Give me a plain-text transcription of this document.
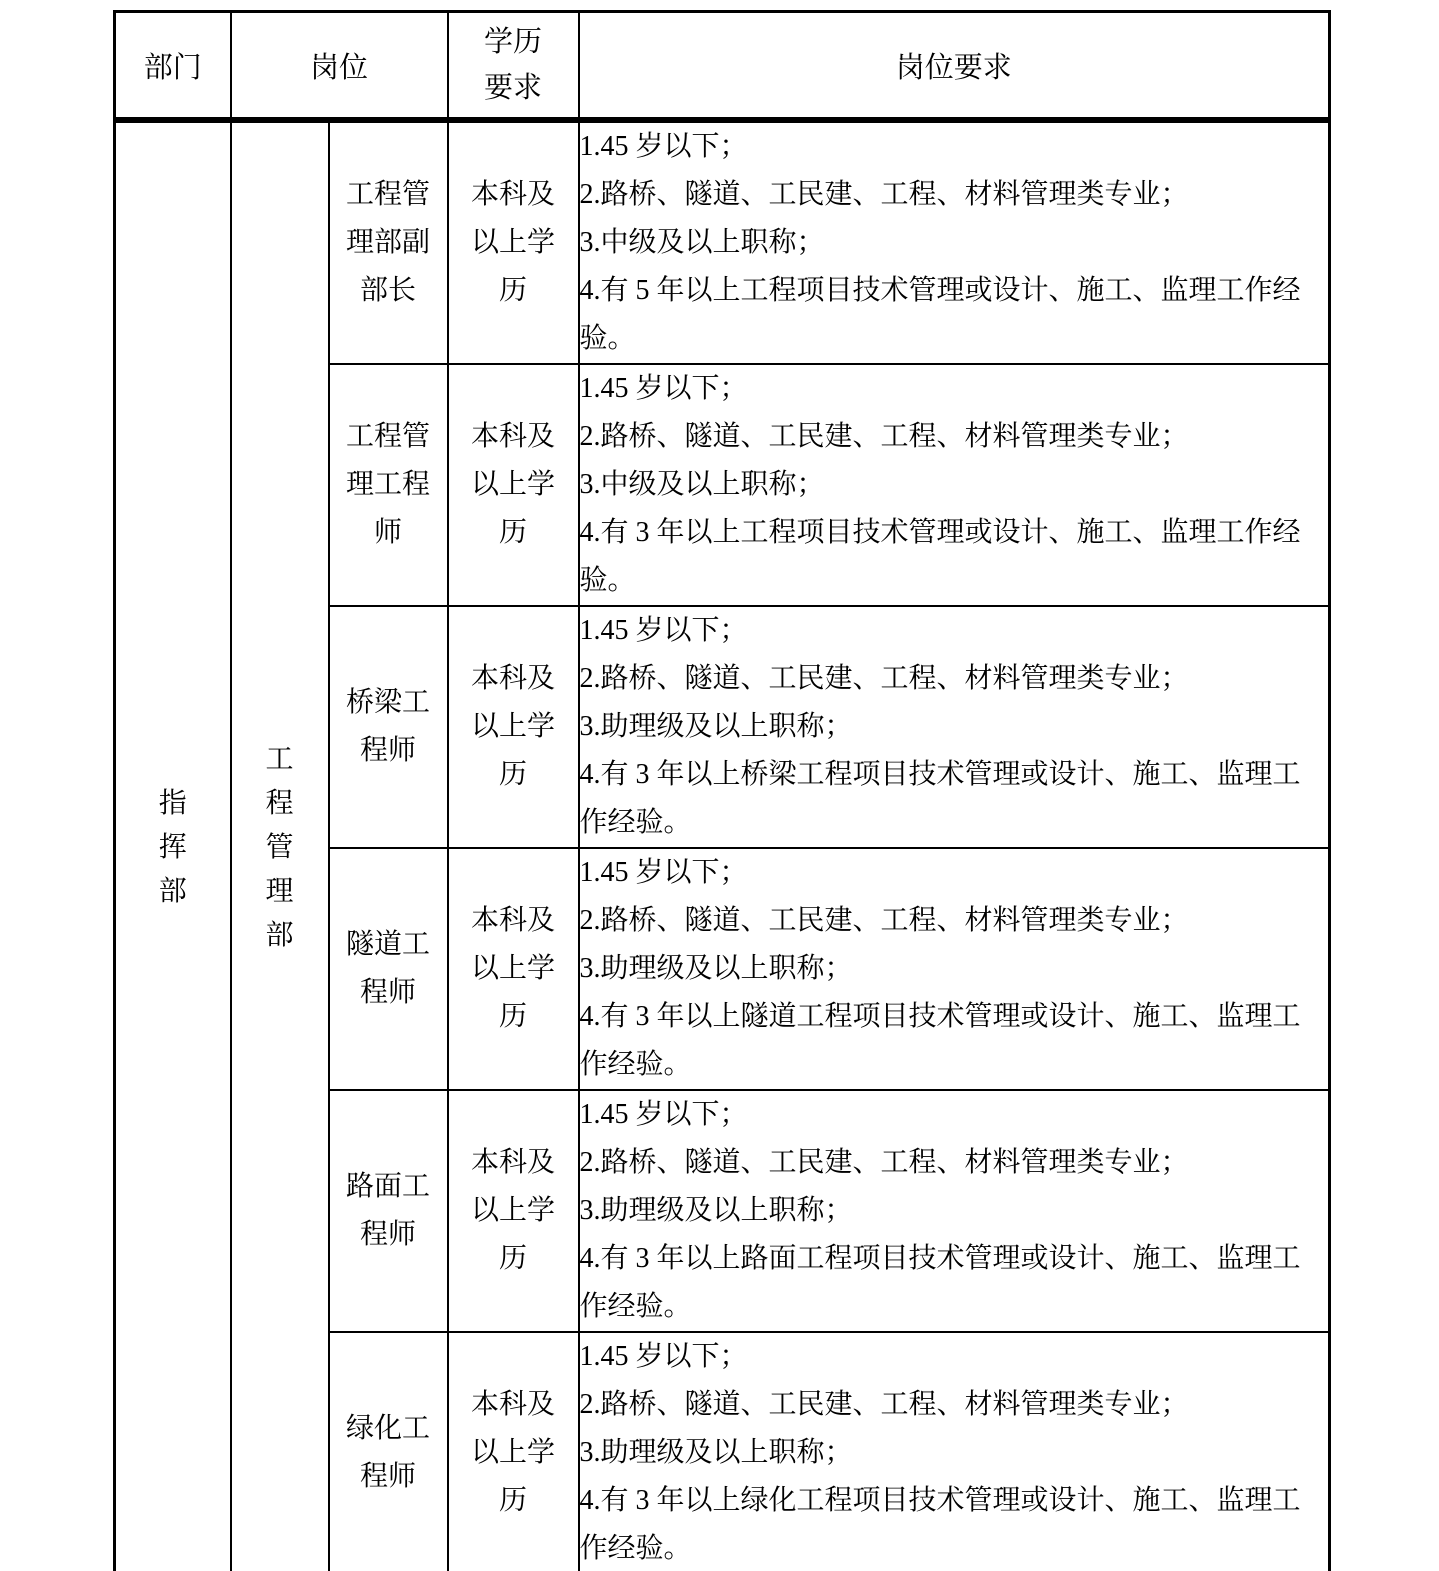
部门	岗位		学历要求	岗位要求

指挥部	工程管理部	工程管理部副部长	本科及以上学历	1.45 岁以下；
2.路桥、隧道、工民建、工程、材料管理类专业；
3.中级及以上职称；
4.有 5 年以上工程项目技术管理或设计、施工、监理工作经验。

		工程管理工程师	本科及以上学历	1.45 岁以下；
2.路桥、隧道、工民建、工程、材料管理类专业；
3.中级及以上职称；
4.有 3 年以上工程项目技术管理或设计、施工、监理工作经验。

		桥梁工程师	本科及以上学历	1.45 岁以下；
2.路桥、隧道、工民建、工程、材料管理类专业；
3.助理级及以上职称；
4.有 3 年以上桥梁工程项目技术管理或设计、施工、监理工作经验。

		隧道工程师	本科及以上学历	1.45 岁以下；
2.路桥、隧道、工民建、工程、材料管理类专业；
3.助理级及以上职称；
4.有 3 年以上隧道工程项目技术管理或设计、施工、监理工作经验。

		路面工程师	本科及以上学历	1.45 岁以下；
2.路桥、隧道、工民建、工程、材料管理类专业；
3.助理级及以上职称；
4.有 3 年以上路面工程项目技术管理或设计、施工、监理工作经验。

		绿化工程师	本科及以上学历	1.45 岁以下；
2.路桥、隧道、工民建、工程、材料管理类专业；
3.助理级及以上职称；
4.有 3 年以上绿化工程项目技术管理或设计、施工、监理工作经验。
